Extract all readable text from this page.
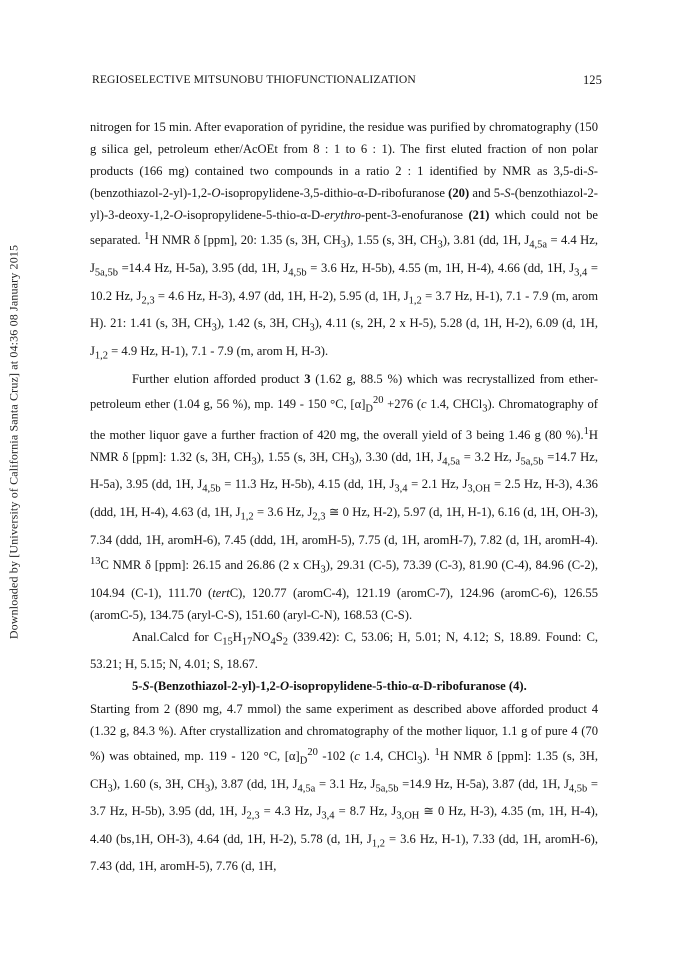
Downloaded by [University of California Santa Cruz] at 04:36 08 January 2015
REGIOSELECTIVE MITSUNOBU THIOFUNCTIONALIZATION	125

nitrogen for 15 min. After evaporation of pyridine, the residue was purified by chromatography (150 g silica gel, petroleum ether/AcOEt from 8 : 1 to 6 : 1). The first eluted fraction of non polar products (166 mg) contained two compounds in a ratio 2 : 1 identified by NMR as 3,5-di-S-(benzothiazol-2-yl)-1,2-O-isopropylidene-3,5-dithio-α-D-ribofuranose (20) and 5-S-(benzothiazol-2-yl)-3-deoxy-1,2-O-isopropylidene-5-thio-α-D-erythro-pent-3-enofuranose (21) which could not be separated. $^1$H NMR δ [ppm], 20: 1.35 (s, 3H, $CH_3$), 1.55 (s, 3H, $CH_3$), 3.81 (dd, 1H, $J_{4,5a} = 4.4$ Hz, $J_{5a,5b} =14.4$ Hz, H-5a), 3.95 (dd, 1H, $J_{4,5b} = 3.6$ Hz, H-5b), 4.55 (m, 1H, H-4), 4.66 (dd, 1H, $J_{3,4} = 10.2$ Hz, $J_{2,3} = 4.6$ Hz, H-3), 4.97 (dd, 1H, H-2), 5.95 (d, 1H, $J_{1,2} = 3.7$ Hz, H-1), 7.1 - 7.9 (m, arom H). 21: 1.41 (s, 3H, $CH_3$), 1.42 (s, 3H, $CH_3$), 4.11 (s, 2H, 2 x H-5), 5.28 (d, 1H, H-2), 6.09 (d, 1H, $J_{1,2} = 4.9$ Hz, H-1), 7.1 - 7.9 (m, arom H, H-3).

Further elution afforded product 3 (1.62 g, 88.5 %) which was recrystallized from ether-petroleum ether (1.04 g, 56 %), mp. 149 - 150 °C, $[\alpha]_D^{20} +276$ (c 1.4, CHCl$_3$). Chromatography of the mother liquor gave a further fraction of 420 mg, the overall yield of 3 being 1.46 g (80 %).$^1$H NMR δ [ppm]: 1.32 (s, 3H, $CH_3$), 1.55 (s, 3H, $CH_3$), 3.30 (dd, 1H, $J_{4,5a} = 3.2$ Hz, $J_{5a,5b} =14.7$ Hz, H-5a), 3.95 (dd, 1H, $J_{4,5b} = 11.3$ Hz, H-5b), 4.15 (dd, 1H, $J_{3,4} = 2.1$ Hz, $J_{3,OH} = 2.5$ Hz, H-3), 4.36 (ddd, 1H, H-4), 4.63 (d, 1H, $J_{1,2} = 3.6$ Hz, $J_{2,3}$ ≅ 0 Hz, H-2), 5.97 (d, 1H, H-1), 6.16 (d, 1H, OH-3), 7.34 (ddd, 1H, aromH-6), 7.45 (ddd, 1H, aromH-5), 7.75 (d, 1H, aromH-7), 7.82 (d, 1H, aromH-4). $^{13}$C NMR δ [ppm]: 26.15 and 26.86 (2 x $CH_3$), 29.31 (C-5), 73.39 (C-3), 81.90 (C-4), 84.96 (C-2), 104.94 (C-1), 111.70 (tertC), 120.77 (aromC-4), 121.19 (aromC-7), 124.96 (aromC-6), 126.55 (aromC-5), 134.75 (aryl-C-S), 151.60 (aryl-C-N), 168.53 (C-S).

Anal.Calcd for $C_{15}H_{17}NO_4S_2$ (339.42): C, 53.06; H, 5.01; N, 4.12; S, 18.89. Found: C, 53.21; H, 5.15; N, 4.01; S, 18.67.

5-S-(Benzothiazol-2-yl)-1,2-O-isopropylidene-5-thio-α-D-ribofuranose (4).

Starting from 2 (890 mg, 4.7 mmol) the same experiment as described above afforded product 4 (1.32 g, 84.3 %). After crystallization and chromatography of the mother liquor, 1.1 g of pure 4 (70 %) was obtained, mp. 119 - 120 °C, $[\alpha]_D^{20}$ -102 (c 1.4, CHCl$_3$). $^1$H NMR δ [ppm]: 1.35 (s, 3H, $CH_3$), 1.60 (s, 3H, $CH_3$), 3.87 (dd, 1H, $J_{4,5a} = 3.1$ Hz, $J_{5a,5b} =14.9$ Hz, H-5a), 3.87 (dd, 1H, $J_{4,5b} = 3.7$ Hz, H-5b), 3.95 (dd, 1H, $J_{2,3} = 4.3$ Hz, $J_{3,4} = 8.7$ Hz, $J_{3,OH}$ ≅ 0 Hz, H-3), 4.35 (m, 1H, H-4), 4.40 (bs,1H, OH-3), 4.64 (dd, 1H, H-2), 5.78 (d, 1H, $J_{1,2} = 3.6$ Hz, H-1), 7.33 (dd, 1H, aromH-6), 7.43 (dd, 1H, aromH-5), 7.76 (d, 1H,
